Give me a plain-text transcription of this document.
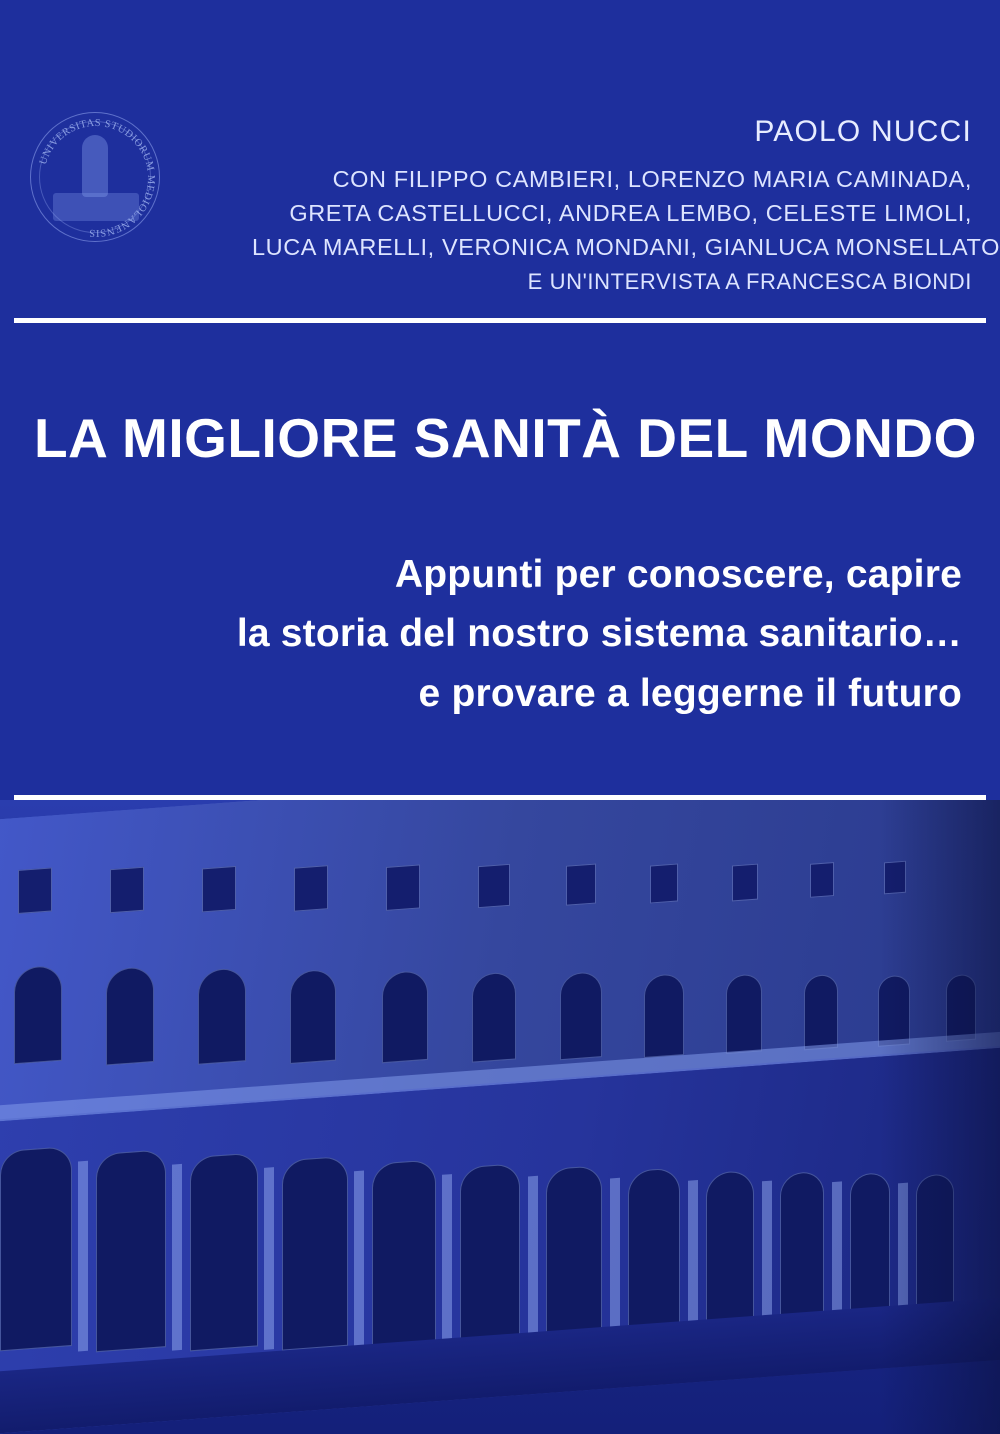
UNIVERSITAS STUDIORUM MEDIOLANENSIS
PAOLO NUCCI
CON FILIPPO CAMBIERI, LORENZO MARIA CAMINADA,
GRETA CASTELLUCCI, ANDREA LEMBO, CELESTE LIMOLI,
LUCA MARELLI, VERONICA MONDANI, GIANLUCA MONSELLATO
E UN'INTERVISTA A FRANCESCA BIONDI
LA MIGLIORE SANITÀ DEL MONDO
Appunti per conoscere, capire
la storia del nostro sistema sanitario…
e provare a leggerne il futuro
